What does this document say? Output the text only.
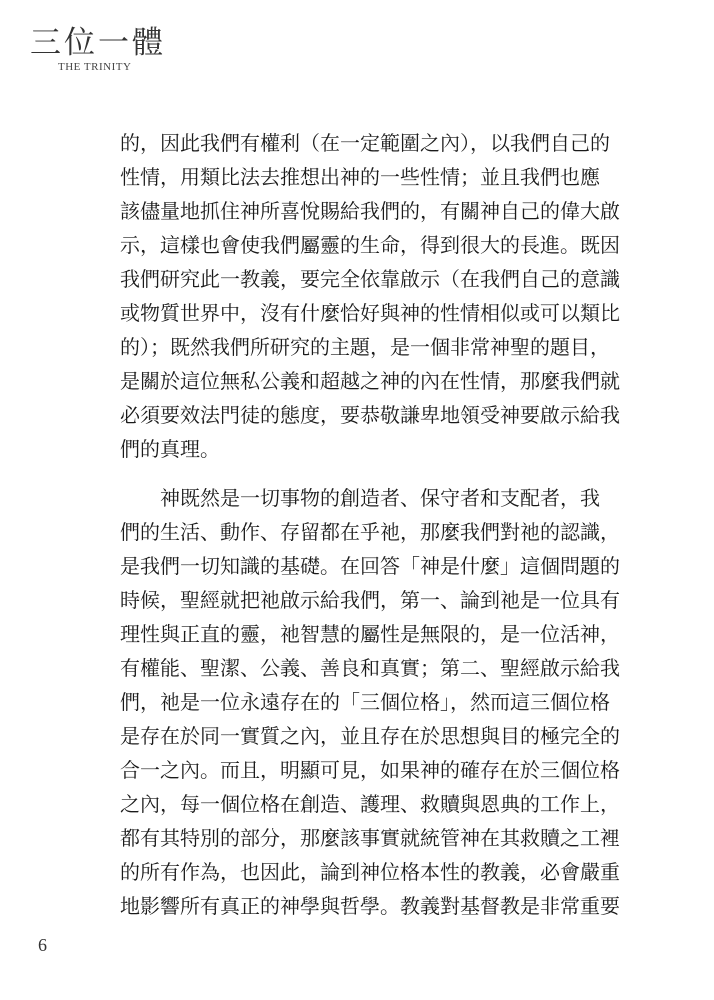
三位一體
THE TRINITY
的，因此我們有權利（在一定範圍之內），以我們自己的
性情，用類比法去推想出神的一些性情；並且我們也應
該儘量地抓住神所喜悅賜給我們的，有關神自己的偉大啟
示，這樣也會使我們屬靈的生命，得到很大的長進。既因
我們研究此一教義，要完全依靠啟示（在我們自己的意識
或物質世界中，沒有什麼恰好與神的性情相似或可以類比
的）；既然我們所研究的主題，是一個非常神聖的題目，
是關於這位無私公義和超越之神的內在性情，那麼我們就
必須要效法門徒的態度，要恭敬謙卑地領受神要啟示給我
們的真理。
　　神既然是一切事物的創造者、保守者和支配者，我
們的生活、動作、存留都在乎祂，那麼我們對祂的認識，
是我們一切知識的基礎。在回答「神是什麼」這個問題的
時候，聖經就把祂啟示給我們，第一、論到祂是一位具有
理性與正直的靈，祂智慧的屬性是無限的，是一位活神，
有權能、聖潔、公義、善良和真實；第二、聖經啟示給我
們，祂是一位永遠存在的「三個位格」，然而這三個位格
是存在於同一實質之內，並且存在於思想與目的極完全的
合一之內。而且，明顯可見，如果神的確存在於三個位格
之內，每一個位格在創造、護理、救贖與恩典的工作上，
都有其特別的部分，那麼該事實就統管神在其救贖之工裡
的所有作為，也因此，論到神位格本性的教義，必會嚴重
地影響所有真正的神學與哲學。教義對基督教是非常重要
6
